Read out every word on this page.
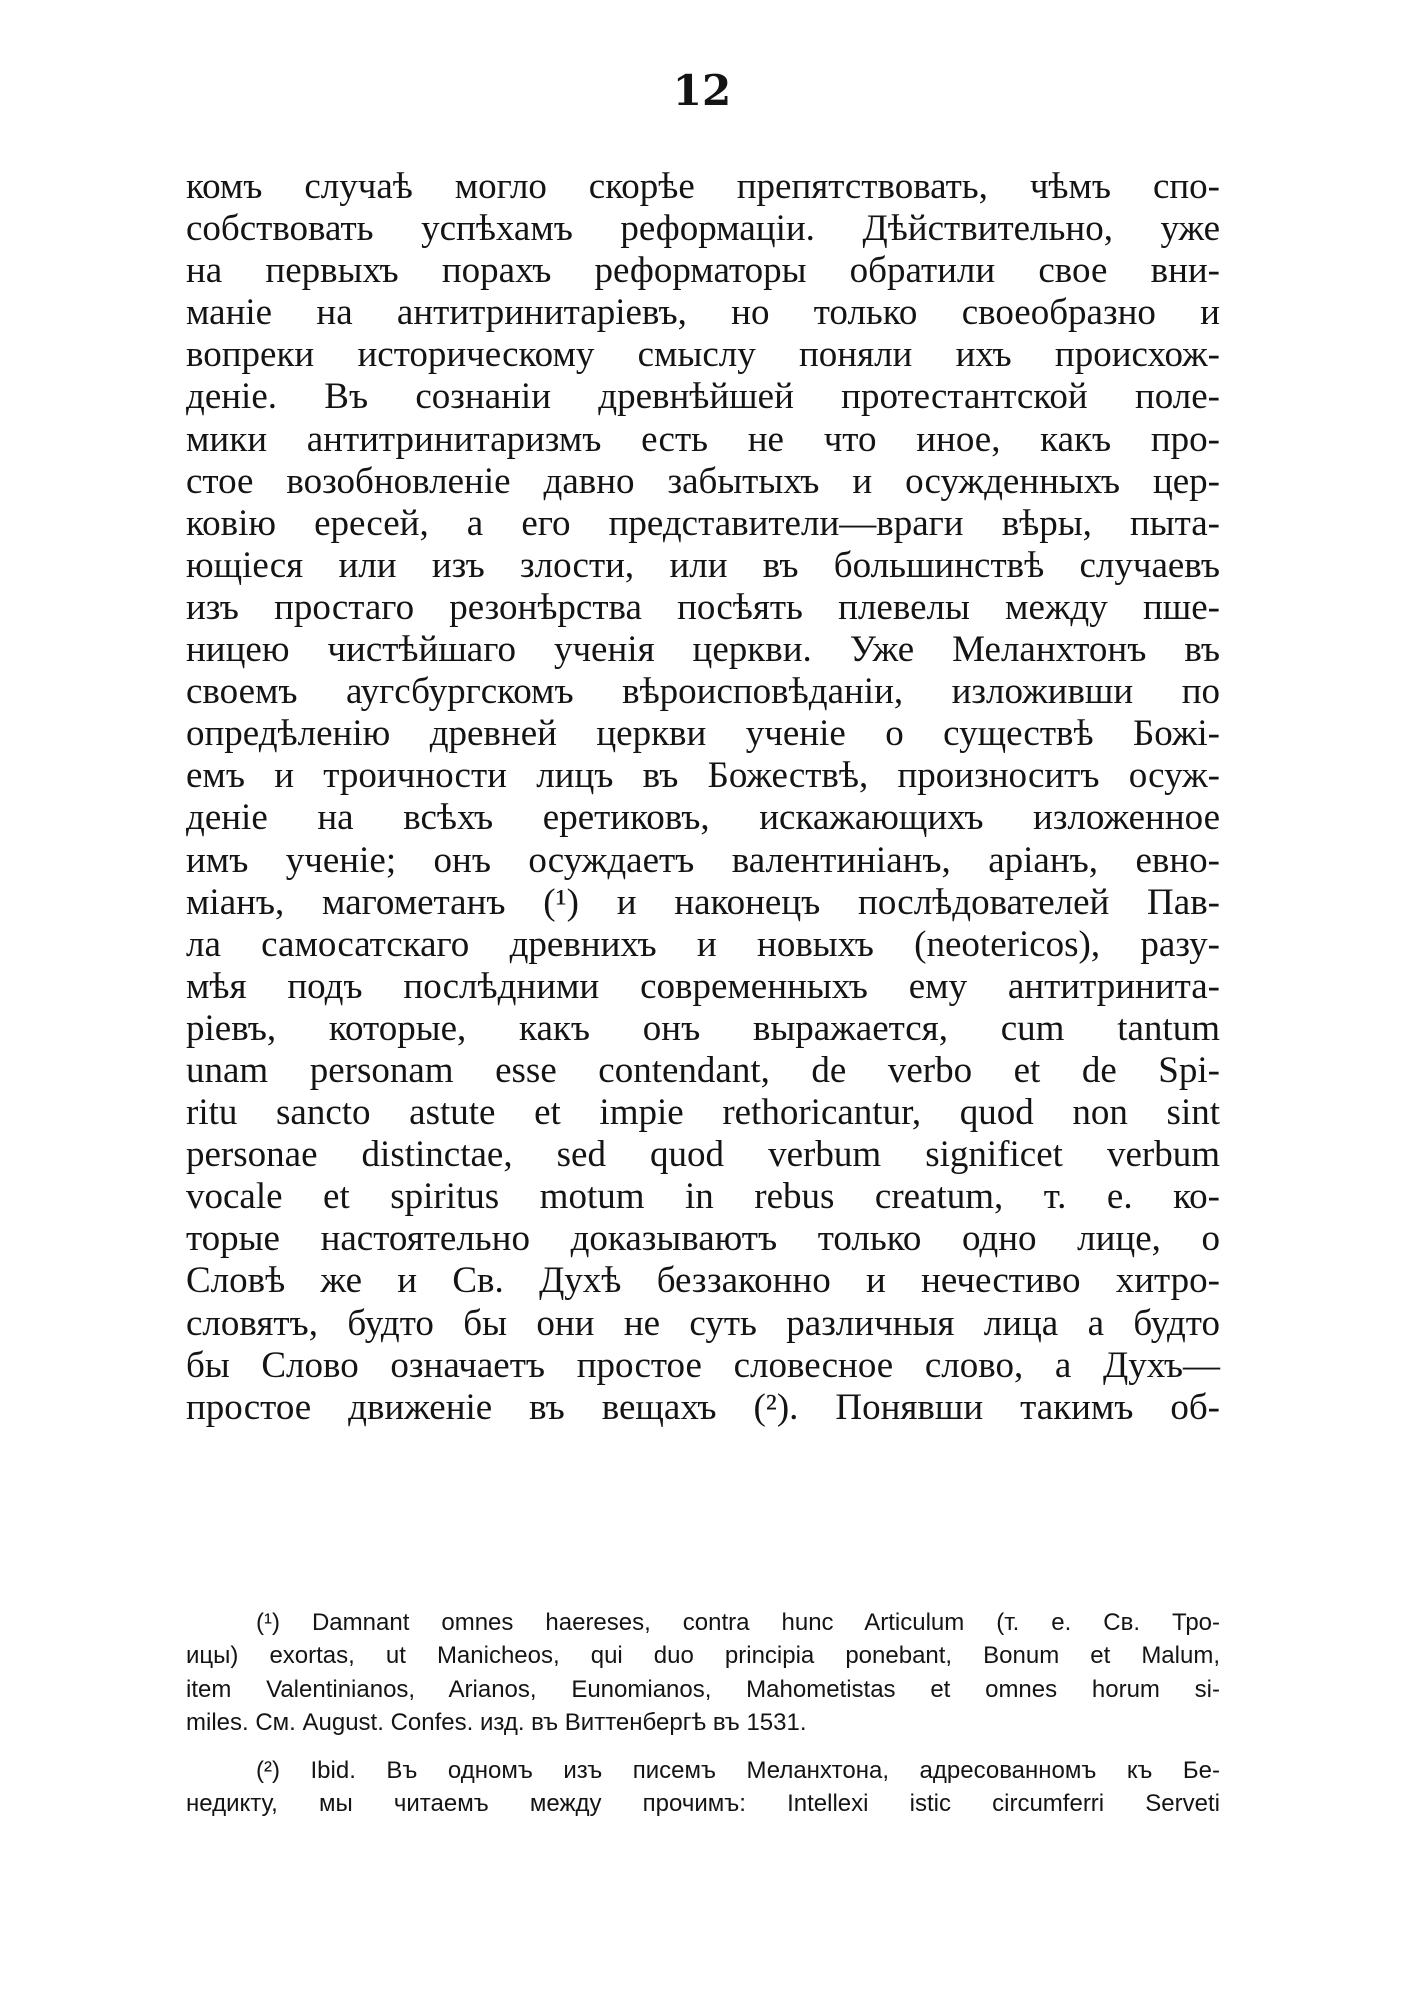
12

комъ случаѣ могло скорѣе препятствовать, чѣмъ спо-
собствовать успѣхамъ реформаціи. Дѣйствительно, уже
на первыхъ порахъ реформаторы обратили свое вни-
маніе на антитринитаріевъ, но только своеобразно и
вопреки историческому смыслу поняли ихъ происхож-
деніе. Въ сознаніи древнѣйшей протестантской поле-
мики антитринитаризмъ есть не что иное, какъ про-
стое возобновленіе давно забытыхъ и осужденныхъ цер-
ковію ересей, а его представители—враги вѣры, пыта-
ющіеся или изъ злости, или въ большинствѣ случаевъ
изъ простаго резонѣрства посѣять плевелы между пше-
ницею чистѣйшаго ученія церкви. Уже Меланхтонъ въ
своемъ аугсбургскомъ вѣроисповѣданіи, изложивши по
опредѣленію древней церкви ученіе о существѣ Божі-
емъ и троичности лицъ въ Божествѣ, произноситъ осуж-
деніе на всѣхъ еретиковъ, искажающихъ изложенное
имъ ученіе; онъ осуждаетъ валентиніанъ, аріанъ, евно-
міанъ, магометанъ (¹) и наконецъ послѣдователей Пав-
ла самосатскаго древнихъ и новыхъ (neotericos), разу-
мѣя подъ послѣдними современныхъ ему антитринита-
ріевъ, которые, какъ онъ выражается, cum tantum
unam personam esse contendant, de verbo et de Spi-
ritu sancto astute et impie rethoricantur, quod non sint
personae distinctae, sed quod verbum significet verbum
vocale et spiritus motum in rebus creatum, т. е. ко-
торые настоятельно доказываютъ только одно лице, о
Словѣ же и Св. Духѣ беззаконно и нечестиво хитро-
словятъ, будто бы они не суть различныя лица а будто
бы Слово означаетъ простое словесное слово, а Духъ—
простое движеніе въ вещахъ (²). Понявши такимъ об-
(¹) Damnant omnes haereses, contra hunc Articulum (т. е. Св. Тро-
ицы) exortas, ut Manicheos, qui duo principia ponebant, Bonum et Malum,
item Valentinianos, Arianos, Eunomianos, Mahometistas et omnes horum si-
miles. См. August. Confes. изд. въ Виттенбергѣ въ 1531.
(²) Ibid. Въ одномъ изъ писемъ Меланхтона, адресованномъ къ Бе-
недикту, мы читаемъ между прочимъ: Intellexi istic circumferri Serveti
